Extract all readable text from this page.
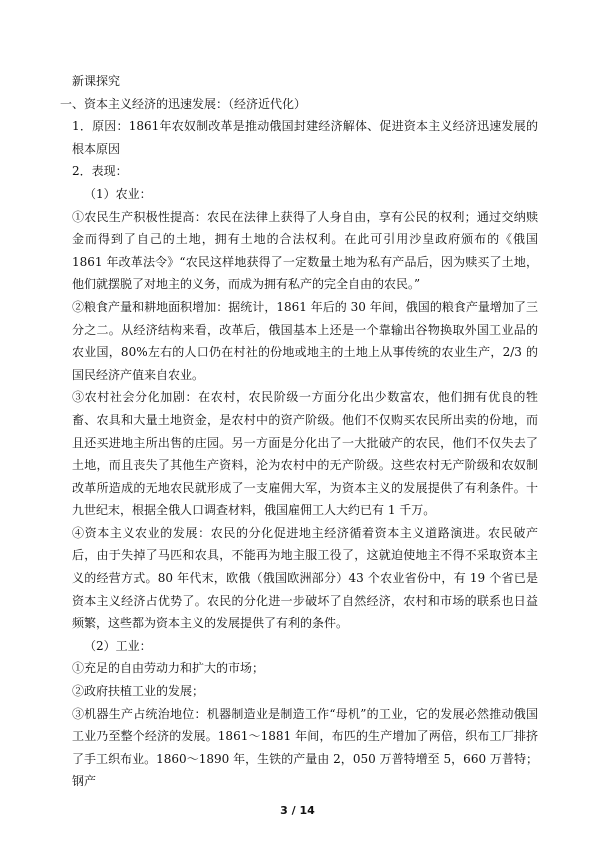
新课探究
一、资本主义经济的迅速发展：（经济近代化）
1．原因：1861年农奴制改革是推动俄国封建经济解体、促进资本主义经济迅速发展的根本原因
2．表现：
（1）农业：
①农民生产积极性提高：农民在法律上获得了人身自由，享有公民的权利；通过交纳赎金而得到了自己的土地，拥有土地的合法权利。在此可引用沙皇政府颁布的《俄国 1861 年改革法令》“农民这样地获得了一定数量土地为私有产品后，因为赎买了土地，他们就摆脱了对地主的义务，而成为拥有私产的完全自由的农民。”
②粮食产量和耕地面积增加：据统计，1861 年后的 30 年间，俄国的粮食产量增加了三分之二。从经济结构来看，改革后，俄国基本上还是一个靠输出谷物换取外国工业品的农业国，80%左右的人口仍在村社的份地或地主的土地上从事传统的农业生产，2/3 的国民经济产值来自农业。
③农村社会分化加剧：在农村，农民阶级一方面分化出少数富农，他们拥有优良的牲畜、农具和大量土地资金，是农村中的资产阶级。他们不仅购买农民所出卖的份地，而且还买进地主所出售的庄园。另一方面是分化出了一大批破产的农民，他们不仅失去了土地，而且丧失了其他生产资料，沦为农村中的无产阶级。这些农村无产阶级和农奴制改革所造成的无地农民就形成了一支雇佣大军，为资本主义的发展提供了有利条件。十九世纪末，根据全俄人口调查材料，俄国雇佣工人大约已有 1 千万。
④资本主义农业的发展：农民的分化促进地主经济循着资本主义道路演进。农民破产后，由于失掉了马匹和农具，不能再为地主服工役了，这就迫使地主不得不采取资本主义的经营方式。80 年代末，欧俄（俄国欧洲部分）43 个农业省份中，有 19 个省已是资本主义经济占优势了。农民的分化进一步破坏了自然经济，农村和市场的联系也日益频繁，这些都为资本主义的发展提供了有利的条件。
（2）工业：
①充足的自由劳动力和扩大的市场；
②政府扶植工业的发展；
③机器生产占统治地位：机器制造业是制造工作“母机”的工业，它的发展必然推动俄国工业乃至整个经济的发展。1861～1881 年间，布匹的生产增加了两倍，织布工厂排挤了手工织布业。1860～1890 年，生铁的产量由 2，050 万普特增至 5，660 万普特；钢产
3 / 14
